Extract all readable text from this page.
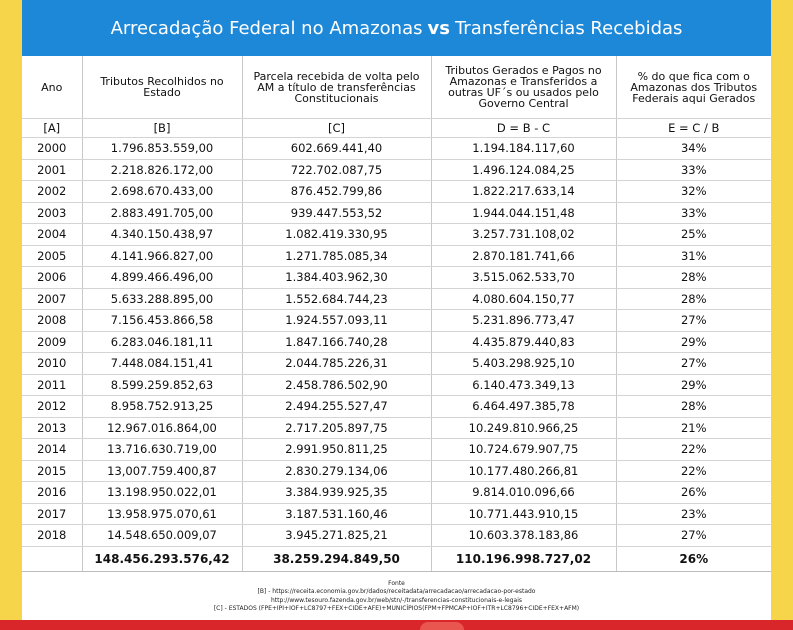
Arrecadação Federal no Amazonas vs Transferências Recebidas
Ano	Tributos Recolhidos no Estado	Parcela recebida de volta pelo AM a título de transferências Constitucionais	Tributos Gerados e Pagos no Amazonas e Transferidos a outras UF´s ou usados pelo Governo Central	% do que fica com o Amazonas dos Tributos Federais aqui Gerados
[A]	[B]	[C]	D = B - C	E = C / B
2000	1.796.853.559,00	602.669.441,40	1.194.184.117,60	34%
2001	2.218.826.172,00	722.702.087,75	1.496.124.084,25	33%
2002	2.698.670.433,00	876.452.799,86	1.822.217.633,14	32%
2003	2.883.491.705,00	939.447.553,52	1.944.044.151,48	33%
2004	4.340.150.438,97	1.082.419.330,95	3.257.731.108,02	25%
2005	4.141.966.827,00	1.271.785.085,34	2.870.181.741,66	31%
2006	4.899.466.496,00	1.384.403.962,30	3.515.062.533,70	28%
2007	5.633.288.895,00	1.552.684.744,23	4.080.604.150,77	28%
2008	7.156.453.866,58	1.924.557.093,11	5.231.896.773,47	27%
2009	6.283.046.181,11	1.847.166.740,28	4.435.879.440,83	29%
2010	7.448.084.151,41	2.044.785.226,31	5.403.298.925,10	27%
2011	8.599.259.852,63	2.458.786.502,90	6.140.473.349,13	29%
2012	8.958.752.913,25	2.494.255.527,47	6.464.497.385,78	28%
2013	12.967.016.864,00	2.717.205.897,75	10.249.810.966,25	21%
2014	13.716.630.719,00	2.991.950.811,25	10.724.679.907,75	22%
2015	13,007.759.400,87	2.830.279.134,06	10.177.480.266,81	22%
2016	13.198.950.022,01	3.384.939.925,35	9.814.010.096,66	26%
2017	13.958.975.070,61	3.187.531.160,46	10.771.443.910,15	23%
2018	14.548.650.009,07	3.945.271.825,21	10.603.378.183,86	27%
	148.456.293.576,42	38.259.294.849,50	110.196.998.727,02	26%
Fonte
[B] - https://receita.economia.gov.br/dados/receitadata/arrecadacao/arrecadacao-por-estado
http://www.tesouro.fazenda.gov.br/web/stn/-/transferencias-constitucionais-e-legais
[C] - ESTADOS (FPE+IPI+IOF+LC8797+FEX+CIDE+AFE)+MUNICÍPIOS(FPM+FPMCAP+IOF+ITR+LC8796+CIDE+FEX+AFM)
